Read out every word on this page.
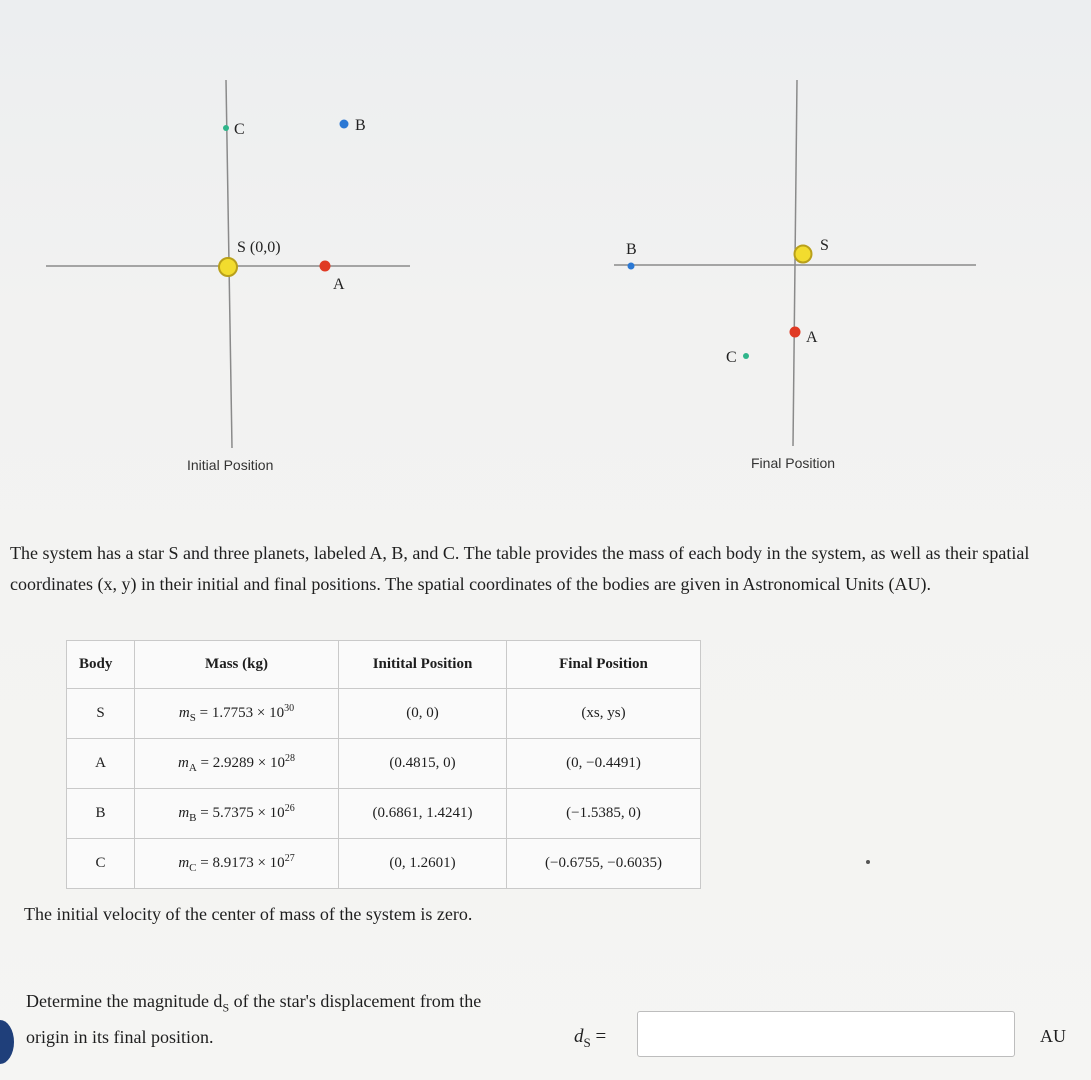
C	B
S (0,0)
A
Initial Position
B	S
A
C
Final Position
The system has a star S and three planets, labeled A, B, and C. The table provides the mass of each body in the system, as well as their spatial coordinates (x, y) in their initial and final positions. The spatial coordinates of the bodies are given in Astronomical Units (AU).
Body	Mass (kg)	Initital Position	Final Position
S	$m_S = 1.7753 \times 10^{30}$	(0, 0)	(xs, ys)
A	$m_A = 2.9289 \times 10^{28}$	(0.4815, 0)	(0, −0.4491)
B	$m_B = 5.7375 \times 10^{26}$	(0.6861, 1.4241)	(−1.5385, 0)
C	$m_C = 8.9173 \times 10^{27}$	(0, 1.2601)	(−0.6755, −0.6035)
The initial velocity of the center of mass of the system is zero.
Determine the magnitude $d_S$ of the star's displacement from the origin in its final position.	$d_S$ =	AU
